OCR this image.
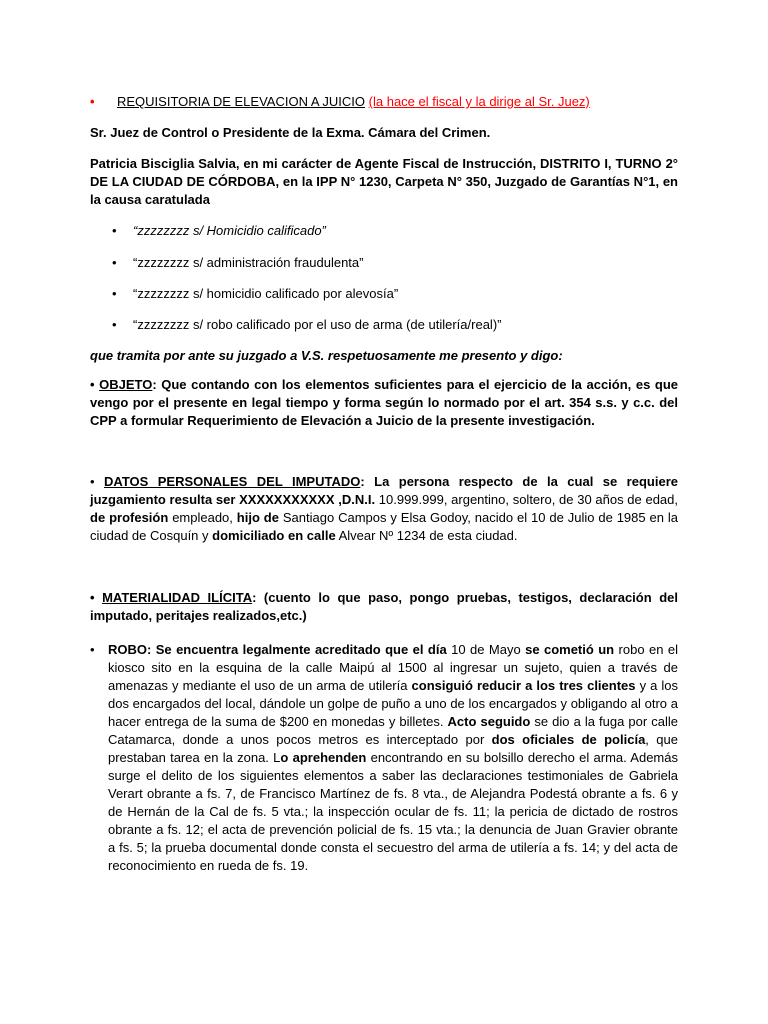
• REQUISITORIA DE ELEVACION A JUICIO (la hace el fiscal y la dirige al Sr. Juez)
Sr. Juez de Control o Presidente de la Exma. Cámara del Crimen.
Patricia Bisciglia Salvia, en mi carácter de Agente Fiscal de Instrucción, DISTRITO I, TURNO 2° DE LA CIUDAD DE CÓRDOBA, en la IPP N° 1230, Carpeta N° 350, Juzgado de Garantías N°1, en la causa caratulada
• “zzzzzzzz s/ Homicidio calificado”
• “zzzzzzzz s/ administración fraudulenta”
• “zzzzzzzz s/ homicidio calificado por alevosía”
• “zzzzzzzz s/ robo calificado por el uso de arma (de utilería/real)”
que tramita por ante su juzgado a V.S. respetuosamente me presento y digo:
• OBJETO: Que contando con los elementos suficientes para el ejercicio de la acción, es que vengo por el presente en legal tiempo y forma según lo normado por el art. 354 s.s. y c.c. del CPP a formular Requerimiento de Elevación a Juicio de la presente investigación.
• DATOS PERSONALES DEL IMPUTADO: La persona respecto de la cual se requiere juzgamiento resulta ser XXXXXXXXXXX ,D.N.I. 10.999.999, argentino, soltero, de 30 años de edad, de profesión empleado, hijo de Santiago Campos y Elsa Godoy, nacido el 10 de Julio de 1985 en la ciudad de Cosquín y domiciliado en calle Alvear Nº 1234 de esta ciudad.
• MATERIALIDAD ILÍCITA: (cuento lo que paso, pongo pruebas, testigos, declaración del imputado, peritajes realizados,etc.)
• ROBO: Se encuentra legalmente acreditado que el día 10 de Mayo se cometió un robo en el kiosco sito en la esquina de la calle Maipú al 1500 al ingresar un sujeto, quien a través de amenazas y mediante el uso de un arma de utilería consiguió reducir a los tres clientes y a los dos encargados del local, dándole un golpe de puño a uno de los encargados y obligando al otro a hacer entrega de la suma de $200 en monedas y billetes. Acto seguido se dio a la fuga por calle Catamarca, donde a unos pocos metros es interceptado por dos oficiales de policía, que prestaban tarea en la zona. Lo aprehenden encontrando en su bolsillo derecho el arma. Además surge el delito de los siguientes elementos a saber las declaraciones testimoniales de Gabriela Verart obrante a fs. 7, de Francisco Martínez de fs. 8 vta., de Alejandra Podestá obrante a fs. 6 y de Hernán de la Cal de fs. 5 vta.; la inspección ocular de fs. 11; la pericia de dictado de rostros obrante a fs. 12; el acta de prevención policial de fs. 15 vta.; la denuncia de Juan Gravier obrante a fs. 5; la prueba documental donde consta el secuestro del arma de utilería a fs. 14; y del acta de reconocimiento en rueda de fs. 19.
